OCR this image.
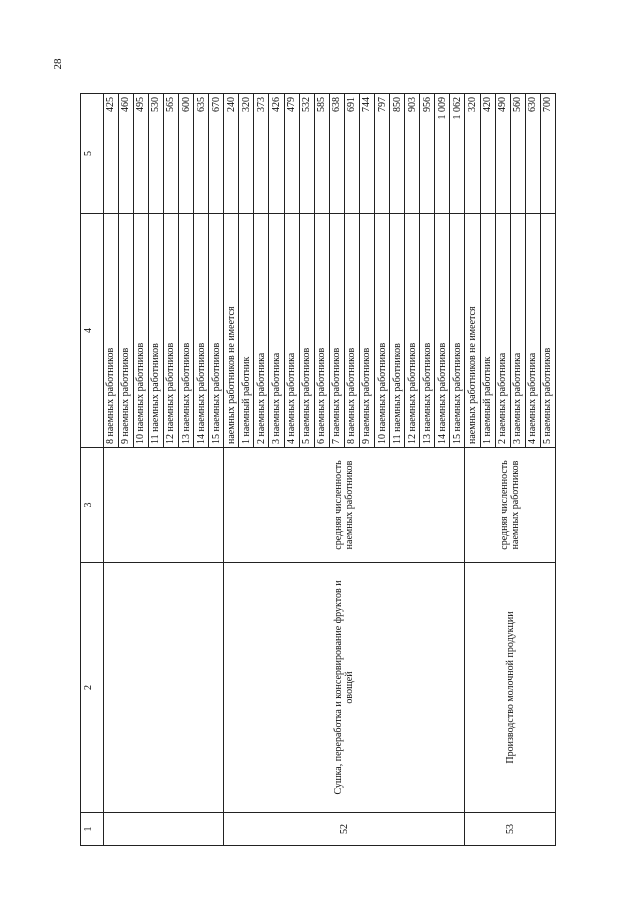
28
1	2	3	4	5
			8 наемных работников	425
			9 наемных работников	460
			10 наемных работников	495
			11 наемных работников	530
			12 наемных работников	565
			13 наемных работников	600
			14 наемных работников	635
			15 наемных работников	670
52	Сушка, переработка и консервирование фруктов и овощей	средняя численность наемных работников	наемных работников не имеется	240
			1 наемный работник	320
			2 наемных работника	373
			3 наемных работника	426
			4 наемных работника	479
			5 наемных работников	532
			6 наемных работников	585
			7 наемных работников	638
			8 наемных работников	691
			9 наемных работников	744
			10 наемных работников	797
			11 наемных работников	850
			12 наемных работников	903
			13 наемных работников	956
			14 наемных работников	1 009
			15 наемных работников	1 062
53	Производство молочной продукции	средняя численность наемных работников	наемных работников не имеется	320
			1 наемный работник	420
			2 наемных работника	490
			3 наемных работника	560
			4 наемных работника	630
			5 наемных работников	700
